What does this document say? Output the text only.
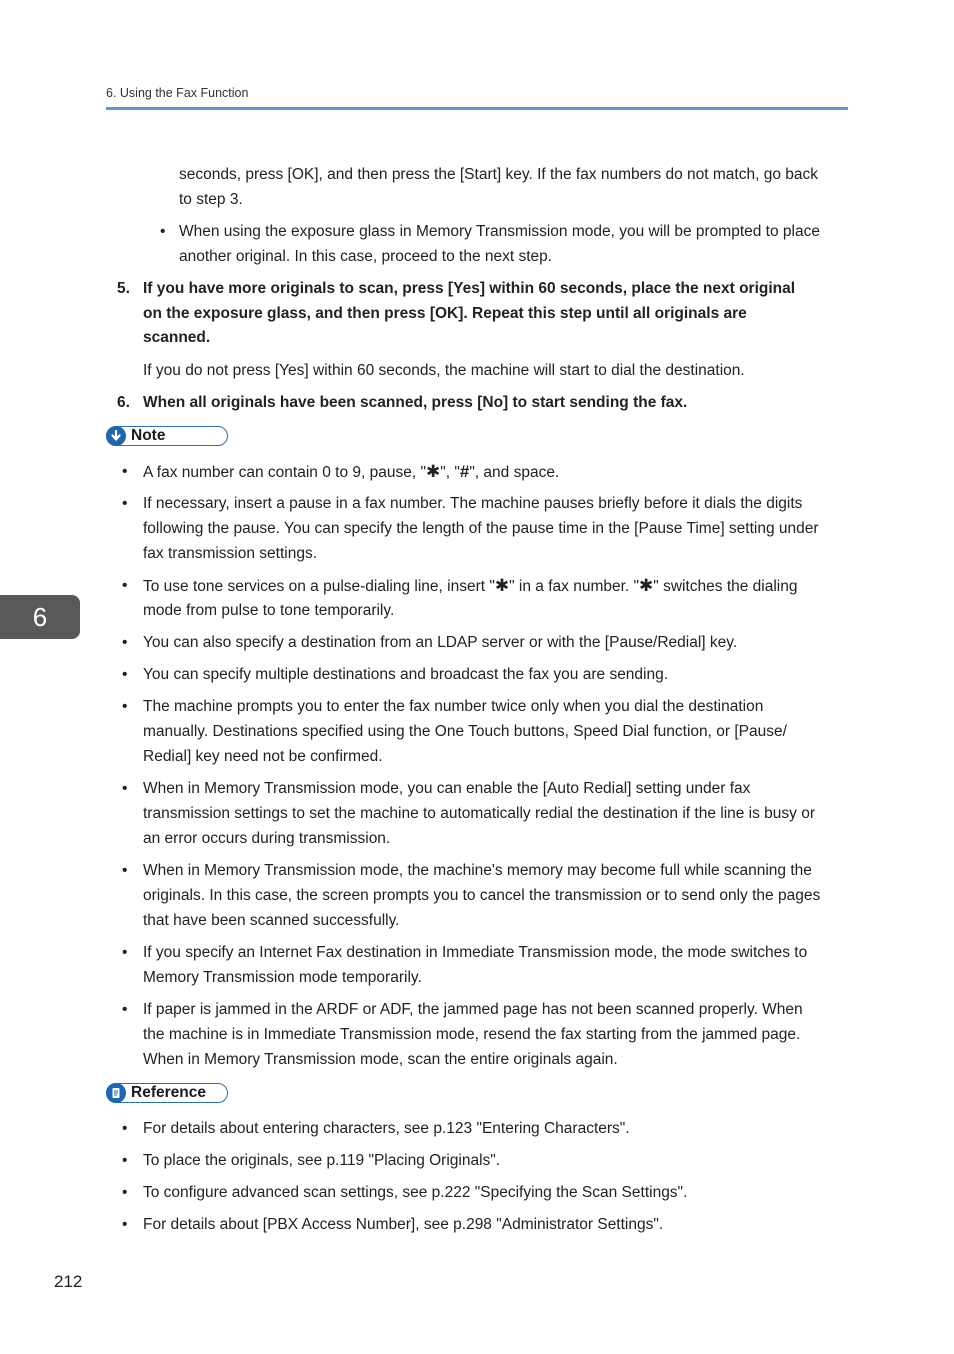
6. Using the Fax Function
seconds, press [OK], and then press the [Start] key. If the fax numbers do not match, go back
to step 3.
• When using the exposure glass in Memory Transmission mode, you will be prompted to place
another original. In this case, proceed to the next step.
5. If you have more originals to scan, press [Yes] within 60 seconds, place the next original
on the exposure glass, and then press [OK]. Repeat this step until all originals are
scanned.
If you do not press [Yes] within 60 seconds, the machine will start to dial the destination.
6. When all originals have been scanned, press [No] to start sending the fax.
Note
• A fax number can contain 0 to 9, pause, "✱", "#", and space.
• If necessary, insert a pause in a fax number. The machine pauses briefly before it dials the digits
following the pause. You can specify the length of the pause time in the [Pause Time] setting under
fax transmission settings.
• To use tone services on a pulse-dialing line, insert "✱" in a fax number. "✱" switches the dialing
mode from pulse to tone temporarily.
• You can also specify a destination from an LDAP server or with the [Pause/Redial] key.
• You can specify multiple destinations and broadcast the fax you are sending.
• The machine prompts you to enter the fax number twice only when you dial the destination
manually. Destinations specified using the One Touch buttons, Speed Dial function, or [Pause/
Redial] key need not be confirmed.
• When in Memory Transmission mode, you can enable the [Auto Redial] setting under fax
transmission settings to set the machine to automatically redial the destination if the line is busy or
an error occurs during transmission.
• When in Memory Transmission mode, the machine's memory may become full while scanning the
originals. In this case, the screen prompts you to cancel the transmission or to send only the pages
that have been scanned successfully.
• If you specify an Internet Fax destination in Immediate Transmission mode, the mode switches to
Memory Transmission mode temporarily.
• If paper is jammed in the ARDF or ADF, the jammed page has not been scanned properly. When
the machine is in Immediate Transmission mode, resend the fax starting from the jammed page.
When in Memory Transmission mode, scan the entire originals again.
Reference
• For details about entering characters, see p.123 "Entering Characters".
• To place the originals, see p.119 "Placing Originals".
• To configure advanced scan settings, see p.222 "Specifying the Scan Settings".
• For details about [PBX Access Number], see p.298 "Administrator Settings".
6
212
